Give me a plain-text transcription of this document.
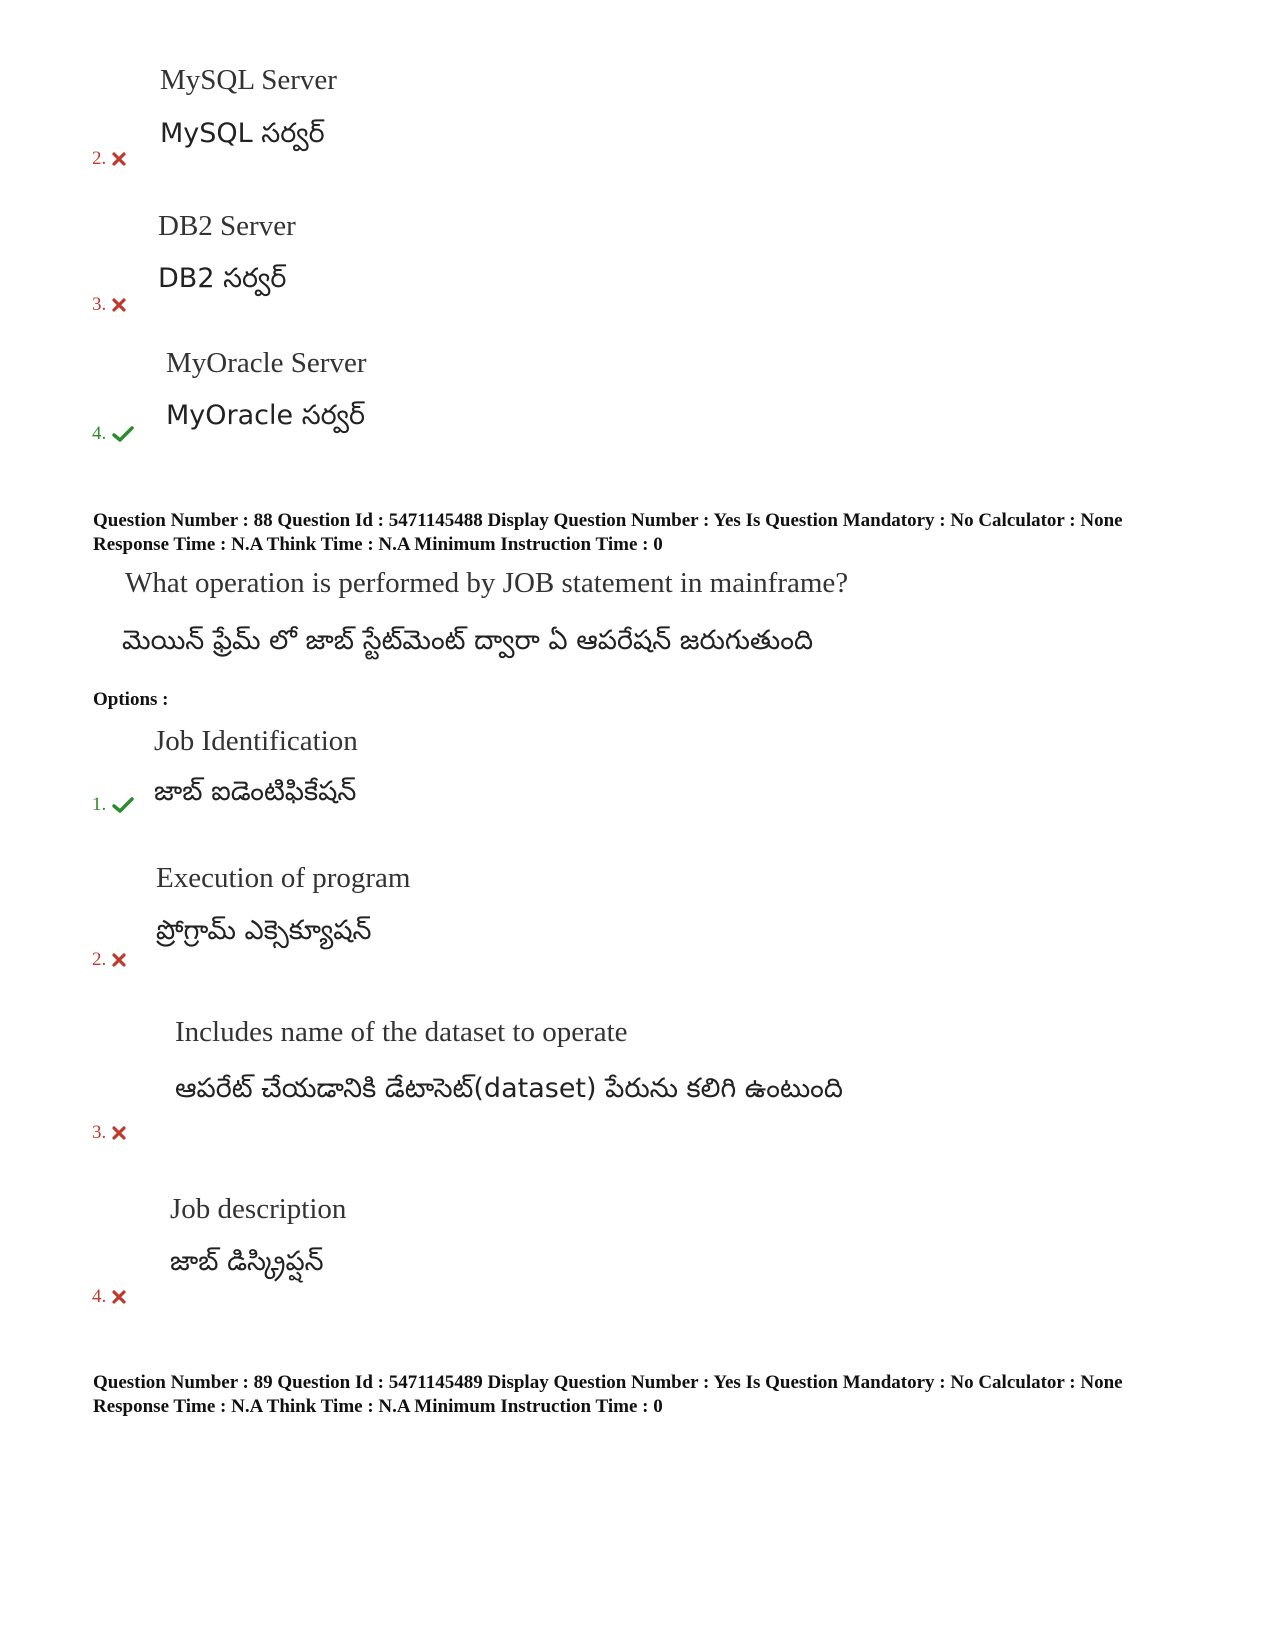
MySQL Server
MySQL సర్వర్
2.
DB2 Server
DB2 సర్వర్
3.
MyOracle Server
MyOracle సర్వర్
4.
Question Number : 88 Question Id : 5471145488 Display Question Number : Yes Is Question Mandatory : No Calculator : None Response Time : N.A Think Time : N.A Minimum Instruction Time : 0
What operation is performed by JOB statement in mainframe?
మెయిన్ ఫ్రేమ్ లో జాబ్ స్టేట్‌మెంట్ ద్వారా ఏ ఆపరేషన్ జరుగుతుంది
Options :
Job Identification
జాబ్ ఐడెంటిఫికేషన్
1.
Execution of program
ప్రోగ్రామ్ ఎక్సెక్యూషన్
2.
Includes name of the dataset to operate
ఆపరేట్ చేయడానికి డేటాసెట్(dataset) పేరును కలిగి ఉంటుంది
3.
Job description
జాబ్ డిస్క్రిప్షన్
4.
Question Number : 89 Question Id : 5471145489 Display Question Number : Yes Is Question Mandatory : No Calculator : None Response Time : N.A Think Time : N.A Minimum Instruction Time : 0
